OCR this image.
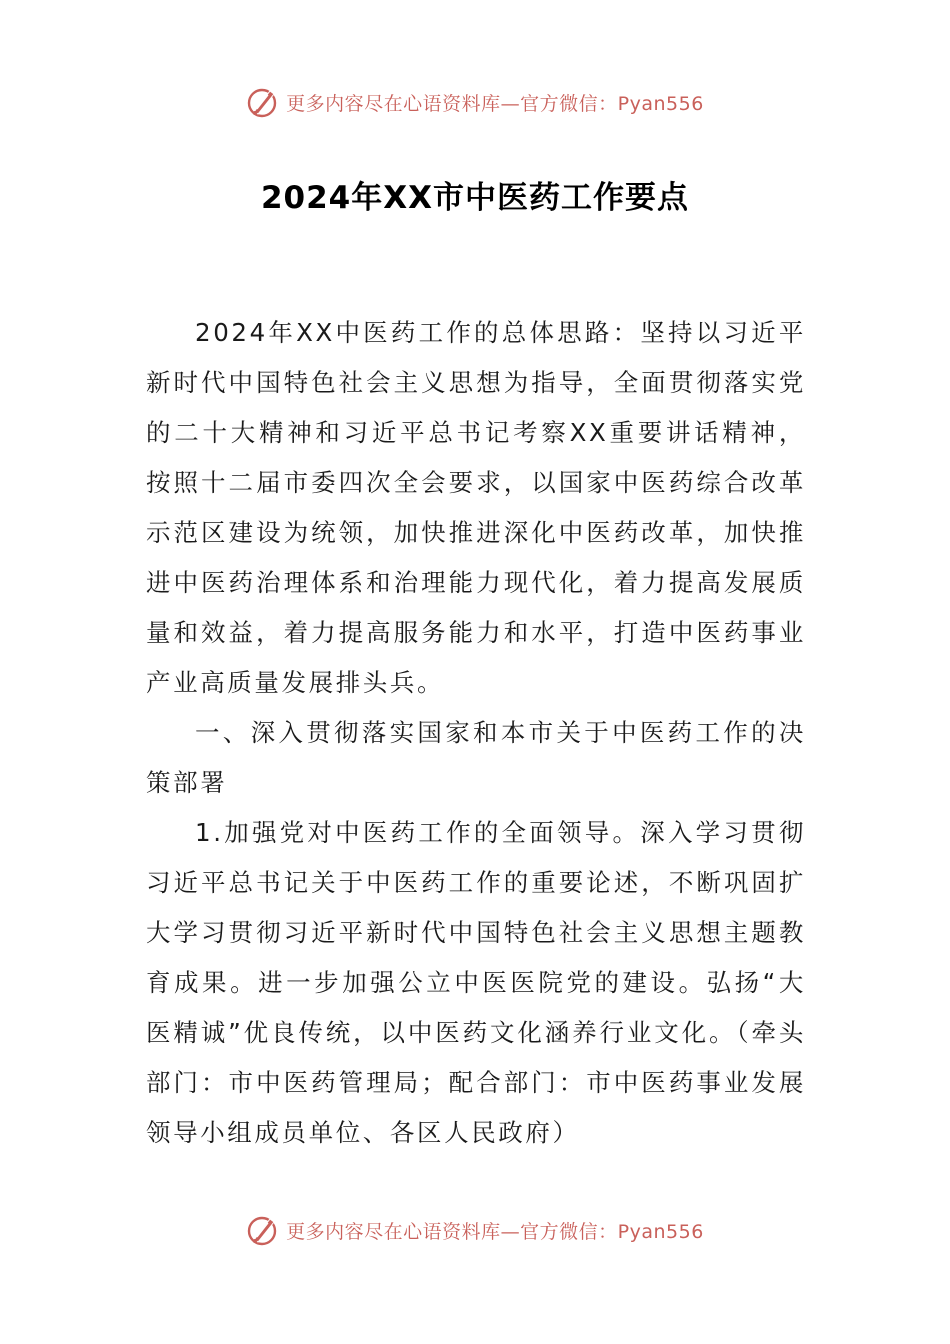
更多内容尽在心语资料库—官方微信：Pyan556
2024年XX市中医药工作要点

2024年XX中医药工作的总体思路：坚持以习近平新时代中国特色社会主义思想为指导，全面贯彻落实党的二十大精神和习近平总书记考察XX重要讲话精神，按照十二届市委四次全会要求，以国家中医药综合改革示范区建设为统领，加快推进深化中医药改革，加快推进中医药治理体系和治理能力现代化，着力提高发展质量和效益，着力提高服务能力和水平，打造中医药事业产业高质量发展排头兵。

一、深入贯彻落实国家和本市关于中医药工作的决策部署

1.加强党对中医药工作的全面领导。深入学习贯彻习近平总书记关于中医药工作的重要论述，不断巩固扩大学习贯彻习近平新时代中国特色社会主义思想主题教育成果。进一步加强公立中医医院党的建设。弘扬“大医精诚”优良传统，以中医药文化涵养行业文化。（牵头部门：市中医药管理局；配合部门：市中医药事业发展领导小组成员单位、各区人民政府）

更多内容尽在心语资料库—官方微信：Pyan556
